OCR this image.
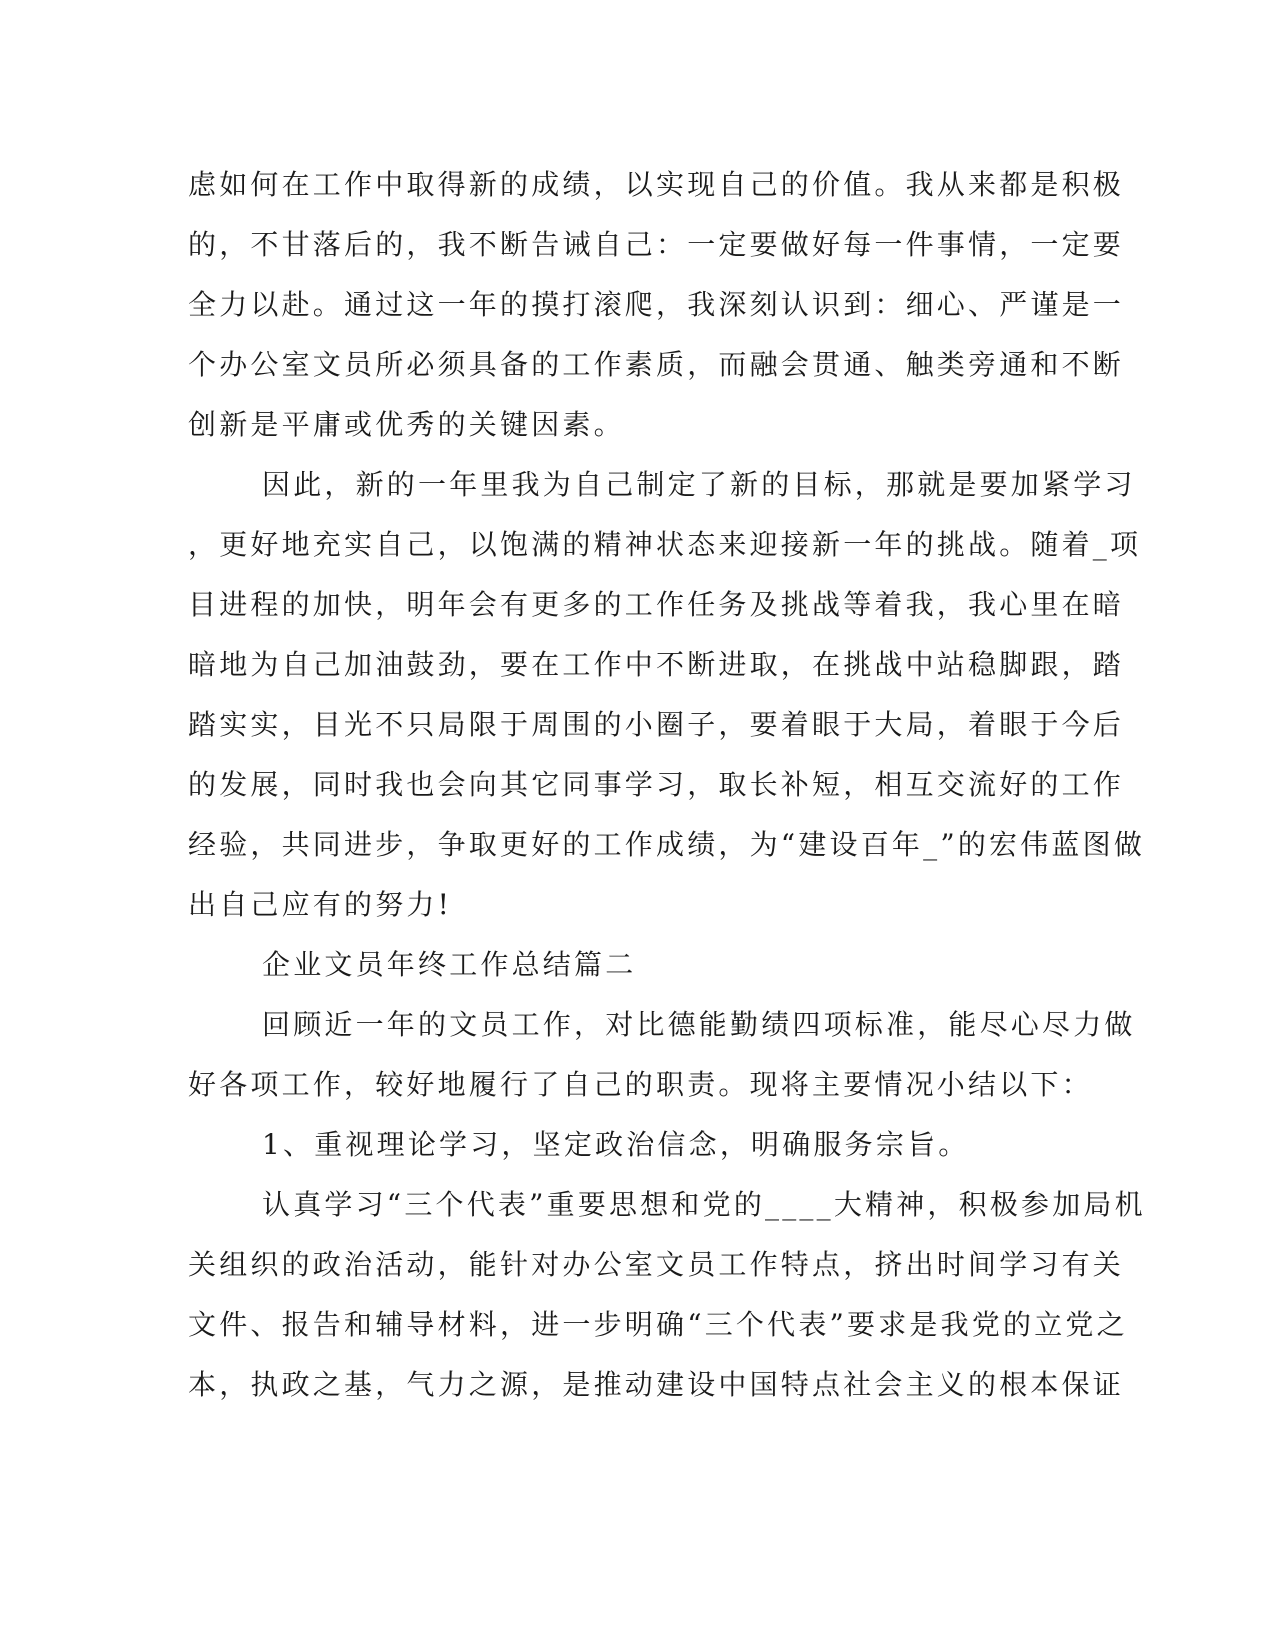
虑如何在工作中取得新的成绩，以实现自己的价值。我从来都是积极
的，不甘落后的，我不断告诫自己：一定要做好每一件事情，一定要
全力以赴。通过这一年的摸打滚爬，我深刻认识到：细心、严谨是一
个办公室文员所必须具备的工作素质，而融会贯通、触类旁通和不断
创新是平庸或优秀的关键因素。
因此，新的一年里我为自己制定了新的目标，那就是要加紧学习
，更好地充实自己，以饱满的精神状态来迎接新一年的挑战。随着_项
目进程的加快，明年会有更多的工作任务及挑战等着我，我心里在暗
暗地为自己加油鼓劲，要在工作中不断进取，在挑战中站稳脚跟，踏
踏实实，目光不只局限于周围的小圈子，要着眼于大局，着眼于今后
的发展，同时我也会向其它同事学习，取长补短，相互交流好的工作
经验，共同进步，争取更好的工作成绩，为“建设百年_”的宏伟蓝图做
出自己应有的努力!
企业文员年终工作总结篇二
回顾近一年的文员工作，对比德能勤绩四项标准，能尽心尽力做
好各项工作，较好地履行了自己的职责。现将主要情况小结以下：
1、重视理论学习，坚定政治信念，明确服务宗旨。
认真学习“三个代表”重要思想和党的____大精神，积极参加局机
关组织的政治活动，能针对办公室文员工作特点，挤出时间学习有关
文件、报告和辅导材料，进一步明确“三个代表”要求是我党的立党之
本，执政之基，气力之源，是推动建设中国特点社会主义的根本保证
